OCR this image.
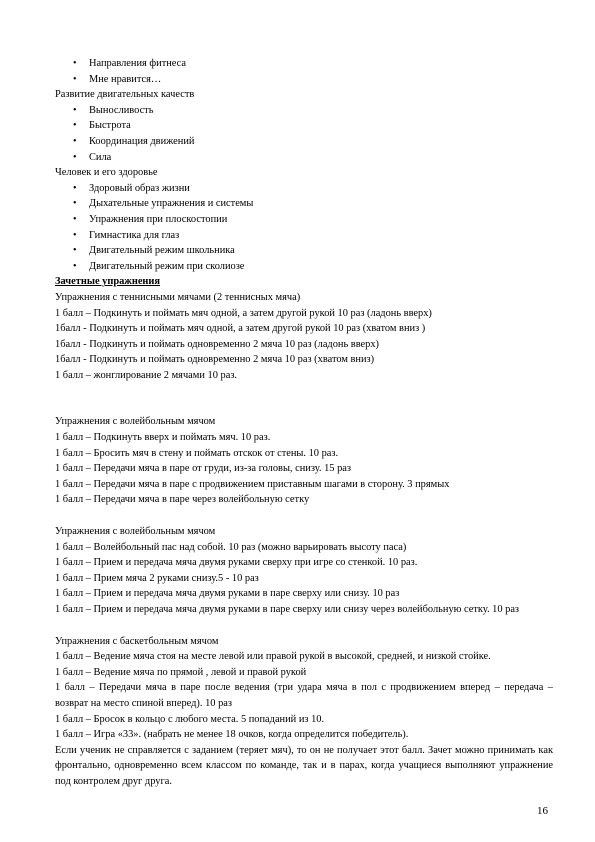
• Направления фитнеса
• Мне нравится…
Развитие двигательных качеств
• Выносливость
• Быстрота
• Координация движений
• Сила
Человек и его здоровье
• Здоровый образ жизни
• Дыхательные упражнения и системы
• Упражнения при плоскостопии
• Гимнастика для глаз
• Двигательный режим школьника
• Двигательный режим при сколиозе
Зачетные упражнения
Упражнения с теннисными мячами (2 теннисных мяча)
1 балл – Подкинуть и поймать мяч одной, а затем другой рукой 10 раз (ладонь вверх)
1балл - Подкинуть и поймать мяч одной, а затем другой рукой 10 раз (хватом вниз )
1балл - Подкинуть и поймать одновременно 2 мяча 10 раз (ладонь вверх)
1балл - Подкинуть и поймать одновременно 2 мяча 10 раз (хватом вниз)
1 балл – жонглирование 2 мячами 10 раз.
Упражнения с волейбольным мячом
1 балл – Подкинуть вверх и поймать мяч. 10 раз.
1 балл – Бросить мяч в стену и поймать отскок от стены. 10 раз.
1 балл – Передачи мяча в паре от груди, из-за головы, снизу. 15 раз
1 балл – Передачи мяча в паре с продвижением приставным шагами в сторону. 3 прямых
1 балл – Передачи мяча в паре через волейбольную сетку
Упражнения с волейбольным мячом
1 балл – Волейбольный пас над собой. 10 раз (можно варьировать высоту паса)
1 балл – Прием и передача мяча двумя руками сверху при игре со стенкой. 10 раз.
1 балл – Прием мяча 2 руками снизу.5 - 10 раз
1 балл – Прием и передача мяча двумя руками в паре сверху или снизу. 10 раз
1 балл – Прием и передача мяча двумя руками в паре сверху или снизу через волейбольную сетку. 10 раз
Упражнения с баскетбольным мячом
1 балл – Ведение мяча стоя на месте левой или правой рукой в высокой, средней, и низкой стойке.
1 балл – Ведение мяча по прямой , левой и правой рукой
1 балл – Передачи мяча в паре после ведения (три удара мяча в пол с продвижением вперед – передача – возврат на место спиной вперед). 10 раз
1 балл – Бросок в кольцо с любого места. 5 попаданий из 10.
1 балл – Игра «33». (набрать не менее 18 очков, когда определится победитель).
Если ученик не справляется с заданием (теряет мяч), то он не получает этот балл. Зачет можно принимать как фронтально, одновременно всем классом по команде, так и в парах, когда учащиеся выполняют упражнение под контролем друг друга.
16
